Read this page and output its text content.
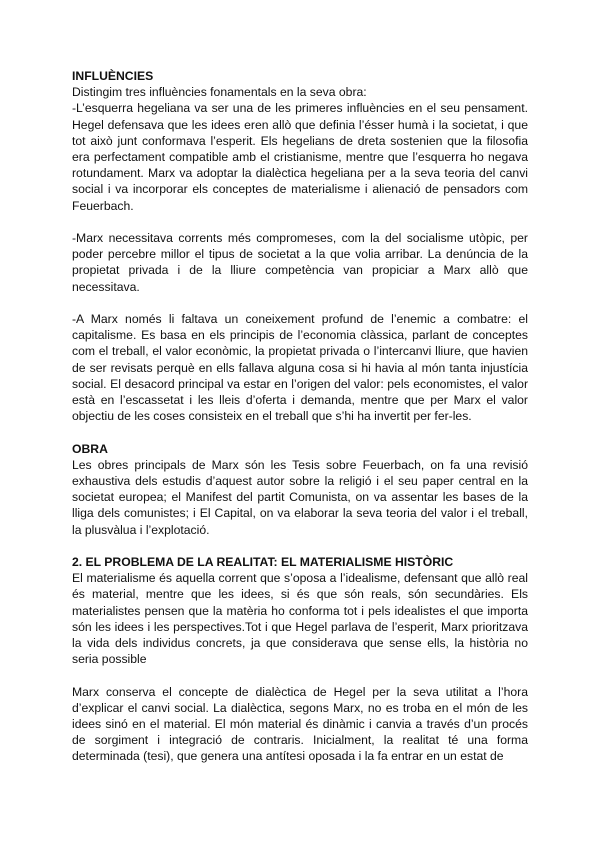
INFLUÈNCIES

Distingim tres influències fonamentals en la seva obra:

-L’esquerra hegeliana va ser una de les primeres influències en el seu pensament. Hegel defensava que les idees eren allò que definia l’ésser humà i la societat, i que tot això junt conformava l’esperit. Els hegelians de dreta sostenien que la filosofia era perfectament compatible amb el cristianisme, mentre que l’esquerra ho negava rotundament. Marx va adoptar la dialèctica hegeliana per a la seva teoria del canvi social i va incorporar els conceptes de materialisme i alienació de pensadors com Feuerbach.

-Marx necessitava corrents més compromeses, com la del socialisme utòpic, per poder percebre millor el tipus de societat a la que volia arribar. La denúncia de la propietat privada i de la lliure competència van propiciar a Marx allò que necessitava.

-A Marx només li faltava un coneixement profund de l’enemic a combatre: el capitalisme. Es basa en els principis de l’economia clàssica, parlant de conceptes com el treball, el valor econòmic, la propietat privada o l’intercanvi lliure, que havien de ser revisats perquè en ells fallava alguna cosa si hi havia al món tanta injustícia social. El desacord principal va estar en l’origen del valor: pels economistes, el valor està en l’escassetat i les lleis d’oferta i demanda, mentre que per Marx el valor objectiu de les coses consisteix en el treball que s’hi ha invertit per fer-les.

OBRA

Les obres principals de Marx són les Tesis sobre Feuerbach, on fa una revisió exhaustiva dels estudis d’aquest autor sobre la religió i el seu paper central en la societat europea; el Manifest del partit Comunista, on va assentar les bases de la lliga dels comunistes; i El Capital, on va elaborar la seva teoria del valor i el treball, la plusvàlua i l’explotació.

2. EL PROBLEMA DE LA REALITAT: EL MATERIALISME HISTÒRIC

El materialisme és aquella corrent que s’oposa a l’idealisme, defensant que allò real és material, mentre que les idees, si és que són reals, són secundàries. Els materialistes pensen que la matèria ho conforma tot i pels idealistes el que importa són les idees i les perspectives.Tot i que Hegel parlava de l’esperit, Marx prioritzava la vida dels individus concrets, ja que considerava que sense ells, la història no seria possible

Marx conserva el concepte de dialèctica de Hegel per la seva utilitat a l’hora d’explicar el canvi social. La dialèctica, segons Marx, no es troba en el món de les idees sinó en el material. El món material és dinàmic i canvia a través d’un procés de sorgiment i integració de contraris. Inicialment, la realitat té una forma determinada (tesi), que genera una antítesi oposada i la fa entrar en un estat de
